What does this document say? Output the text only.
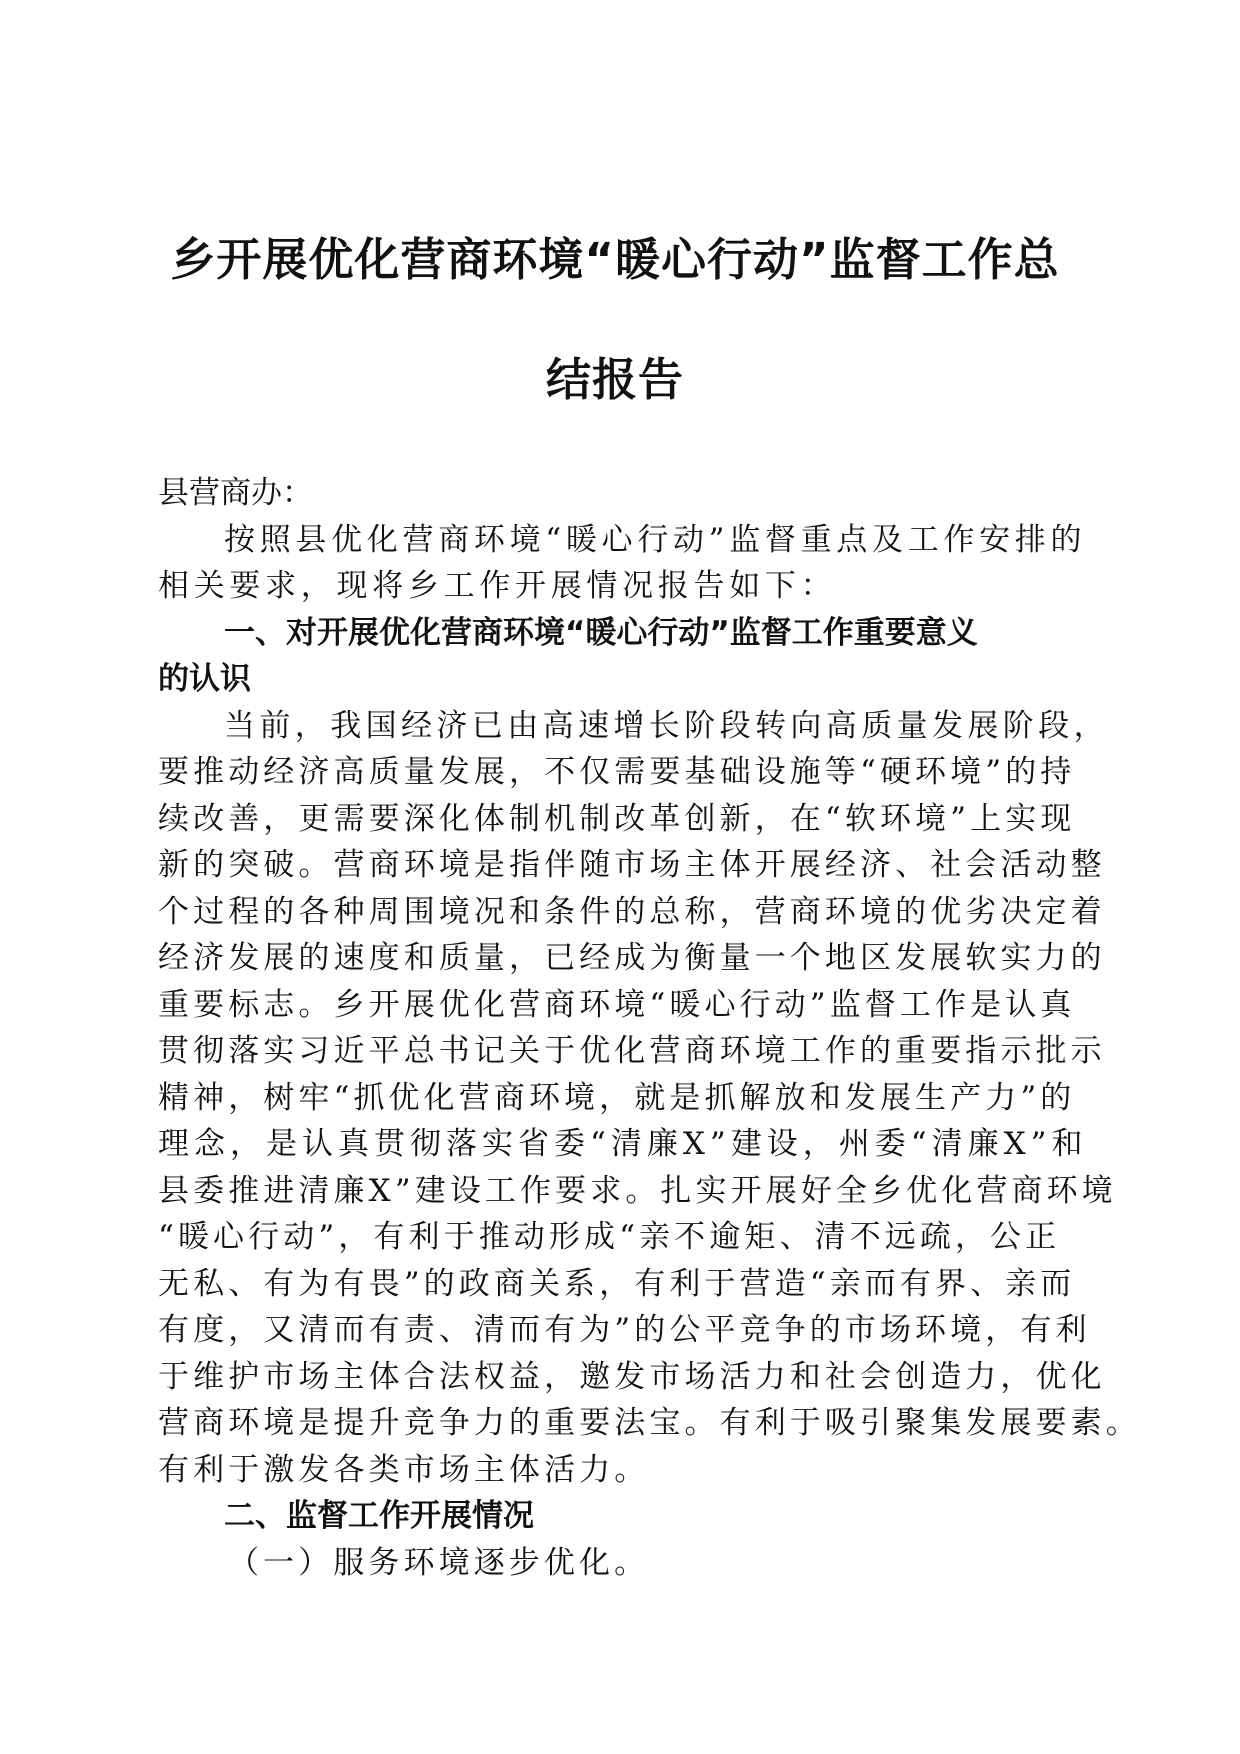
乡开展优化营商环境“暖心行动”监督工作总
结报告
县营商办：
按照县优化营商环境“暖心行动”监督重点及工作安排的
相关要求，现将乡工作开展情况报告如下：
一、对开展优化营商环境“暖心行动”监督工作重要意义
的认识
当前，我国经济已由高速增长阶段转向高质量发展阶段，
要推动经济高质量发展，不仅需要基础设施等“硬环境”的持
续改善，更需要深化体制机制改革创新，在“软环境”上实现
新的突破。营商环境是指伴随市场主体开展经济、社会活动整
个过程的各种周围境况和条件的总称，营商环境的优劣决定着
经济发展的速度和质量，已经成为衡量一个地区发展软实力的
重要标志。乡开展优化营商环境“暖心行动”监督工作是认真
贯彻落实习近平总书记关于优化营商环境工作的重要指示批示
精神，树牢“抓优化营商环境，就是抓解放和发展生产力”的
理念，是认真贯彻落实省委“清廉X”建设，州委“清廉X”和
县委推进清廉X”建设工作要求。扎实开展好全乡优化营商环境
“暖心行动”，有利于推动形成“亲不逾矩、清不远疏，公正
无私、有为有畏”的政商关系，有利于营造“亲而有界、亲而
有度，又清而有责、清而有为”的公平竞争的市场环境，有利
于维护市场主体合法权益，邀发市场活力和社会创造力，优化
营商环境是提升竞争力的重要法宝。有利于吸引聚集发展要素。
有利于激发各类市场主体活力。
二、监督工作开展情况
（一）服务环境逐步优化。
